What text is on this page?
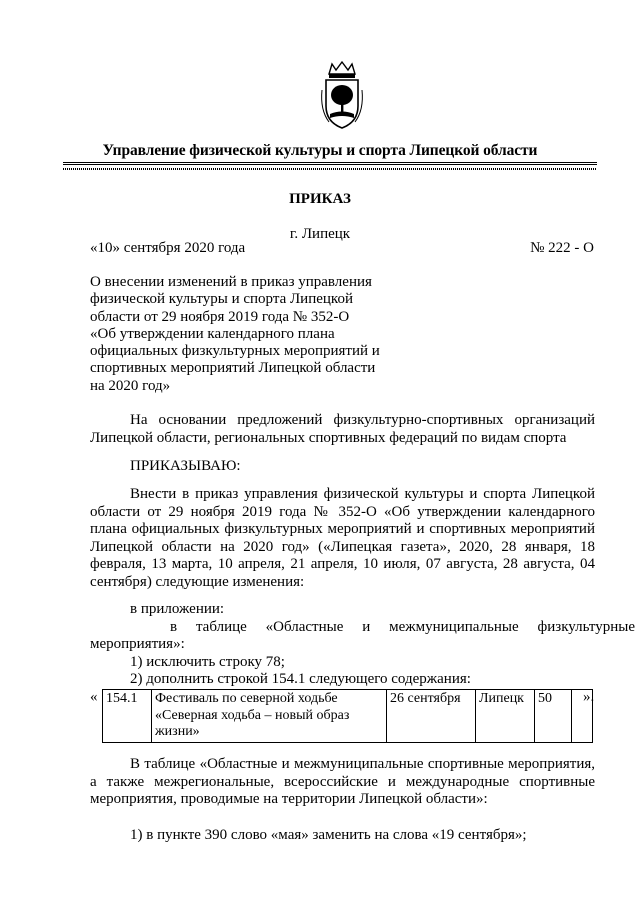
Управление физической культуры и спорта Липецкой области
ПРИКАЗ
г. Липецк
«10» сентября 2020 года	№ 222 - О
О внесении изменений в приказ управления
физической культуры и спорта Липецкой
области от 29 ноября 2019 года № 352-О
«Об утверждении календарного плана
официальных физкультурных мероприятий и
спортивных мероприятий Липецкой области
на 2020 год»
На основании предложений физкультурно-спортивных организаций Липецкой области, региональных спортивных федераций по видам спорта
ПРИКАЗЫВАЮ:
Внести в приказ управления физической культуры и спорта Липецкой области от 29 ноября 2019 года № 352-О «Об утверждении календарного плана официальных физкультурных мероприятий и спортивных мероприятий Липецкой области на 2020 год» («Липецкая газета», 2020, 28 января, 18 февраля, 13 марта, 10 апреля, 21 апреля, 10 июля, 07 августа, 28 августа, 04 сентября) следующие изменения:
в приложении:
в таблице «Областные и межмуниципальные физкультурные
мероприятия»:
1) исключить строку 78;
2) дополнить строкой 154.1 следующего содержания:
« 154.1	Фестиваль по северной ходьбе «Северная ходьба – новый образ жизни»	26 сентября	Липецк	50	».
В таблице «Областные и межмуниципальные спортивные мероприятия, а также межрегиональные, всероссийские и международные спортивные мероприятия, проводимые на территории Липецкой области»:
1) в пункте 390 слово «мая» заменить на слова «19 сентября»;
